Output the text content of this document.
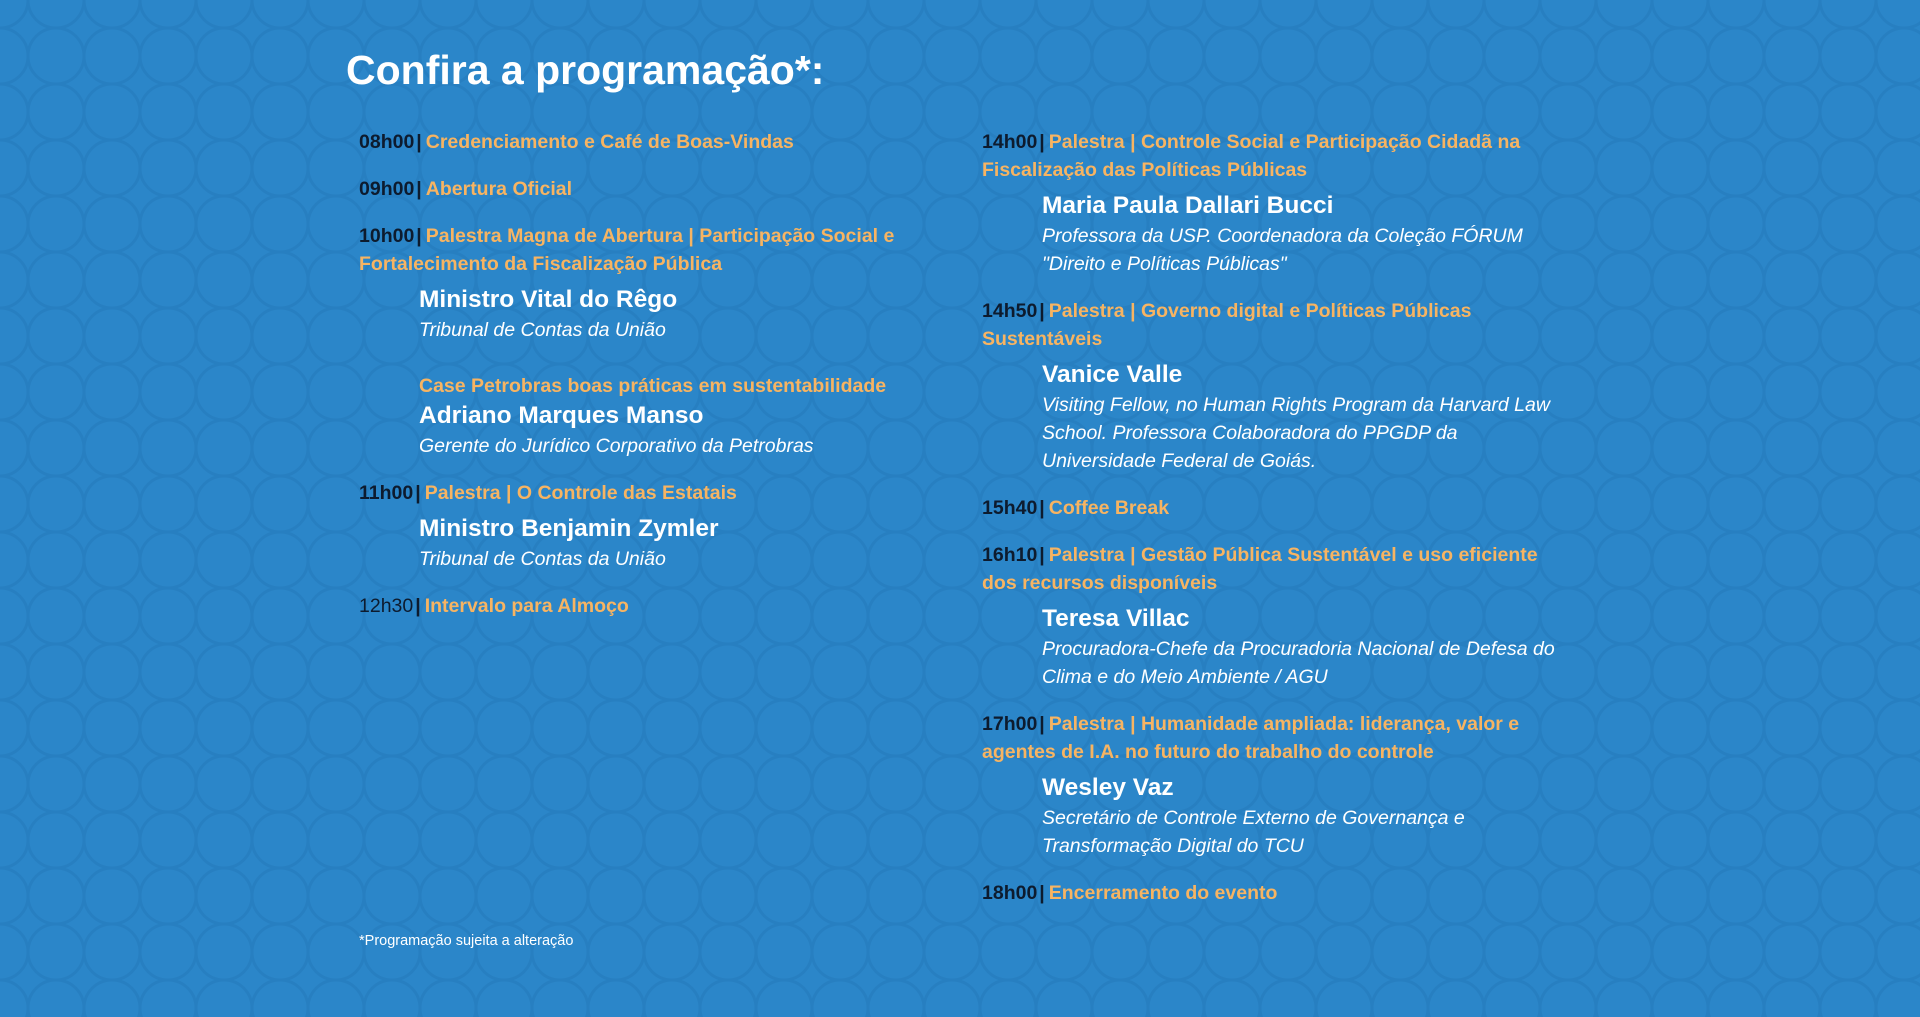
Confira a programação*:
08h00 | Credenciamento e Café de Boas-Vindas
09h00 | Abertura Oficial
10h00 | Palestra Magna de Abertura | Participação Social e Fortalecimento da Fiscalização Pública
Ministro Vital do Rêgo
Tribunal de Contas da União
Case Petrobras boas práticas em sustentabilidade
Adriano Marques Manso
Gerente do Jurídico Corporativo da Petrobras
11h00 | Palestra | O Controle das Estatais
Ministro Benjamin Zymler
Tribunal de Contas da União
12h30 | Intervalo para Almoço
14h00 | Palestra | Controle Social e Participação Cidadã na Fiscalização das Políticas Públicas
Maria Paula Dallari Bucci
Professora da USP. Coordenadora da Coleção FÓRUM "Direito e Políticas Públicas"
14h50 | Palestra | Governo digital e Políticas Públicas Sustentáveis
Vanice Valle
Visiting Fellow, no Human Rights Program da Harvard Law School. Professora Colaboradora do PPGDP da Universidade Federal de Goiás.
15h40 | Coffee Break
16h10 | Palestra | Gestão Pública Sustentável e uso eficiente dos recursos disponíveis
Teresa Villac
Procuradora-Chefe da Procuradoria Nacional de Defesa do Clima e do Meio Ambiente / AGU
17h00 | Palestra | Humanidade ampliada: liderança, valor e agentes de I.A. no futuro do trabalho do controle
Wesley Vaz
Secretário de Controle Externo de Governança e Transformação Digital do TCU
18h00 | Encerramento do evento
*Programação sujeita a alteração
